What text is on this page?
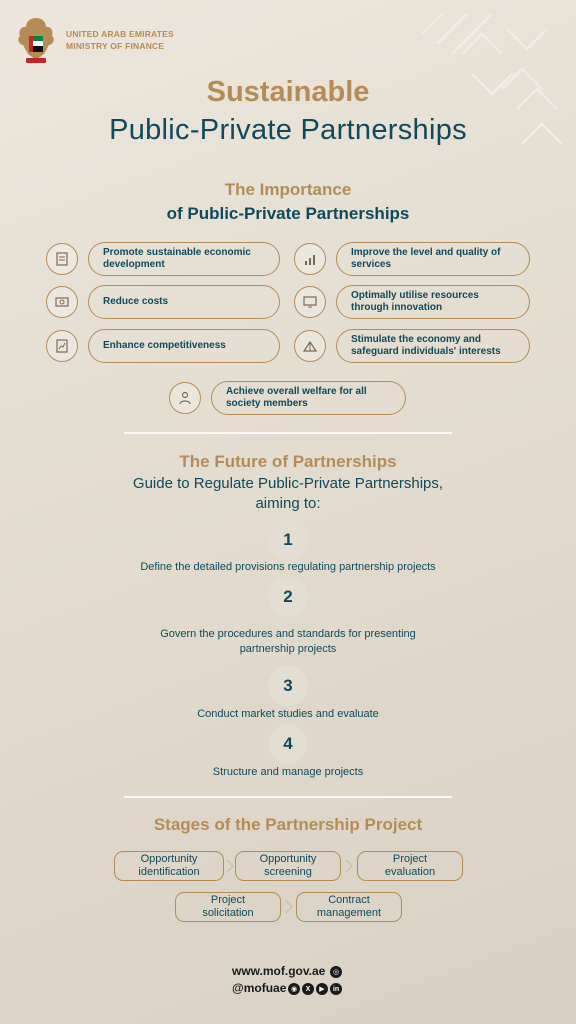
UNITED ARAB EMIRATES
MINISTRY OF FINANCE
Sustainable
Public-Private Partnerships
The Importance
of Public-Private Partnerships
Promote sustainable economic development
Reduce costs
Enhance competitiveness
Improve the level and quality of services
Optimally utilise resources through innovation
Stimulate the economy and safeguard individuals' interests
Achieve overall welfare for all society members
The Future of Partnerships
Guide to Regulate Public-Private Partnerships,
aiming to:
1
Define the detailed provisions regulating partnership projects
2
Govern the procedures and standards for presenting
partnership projects
3
Conduct market studies and evaluate
4
Structure and manage projects
Stages of the Partnership Project
Opportunity
identification
Opportunity
screening
Project
evaluation
Project
solicitation
Contract
management
www.mof.gov.ae	◎
@mofuae ◉	X	▶	in
